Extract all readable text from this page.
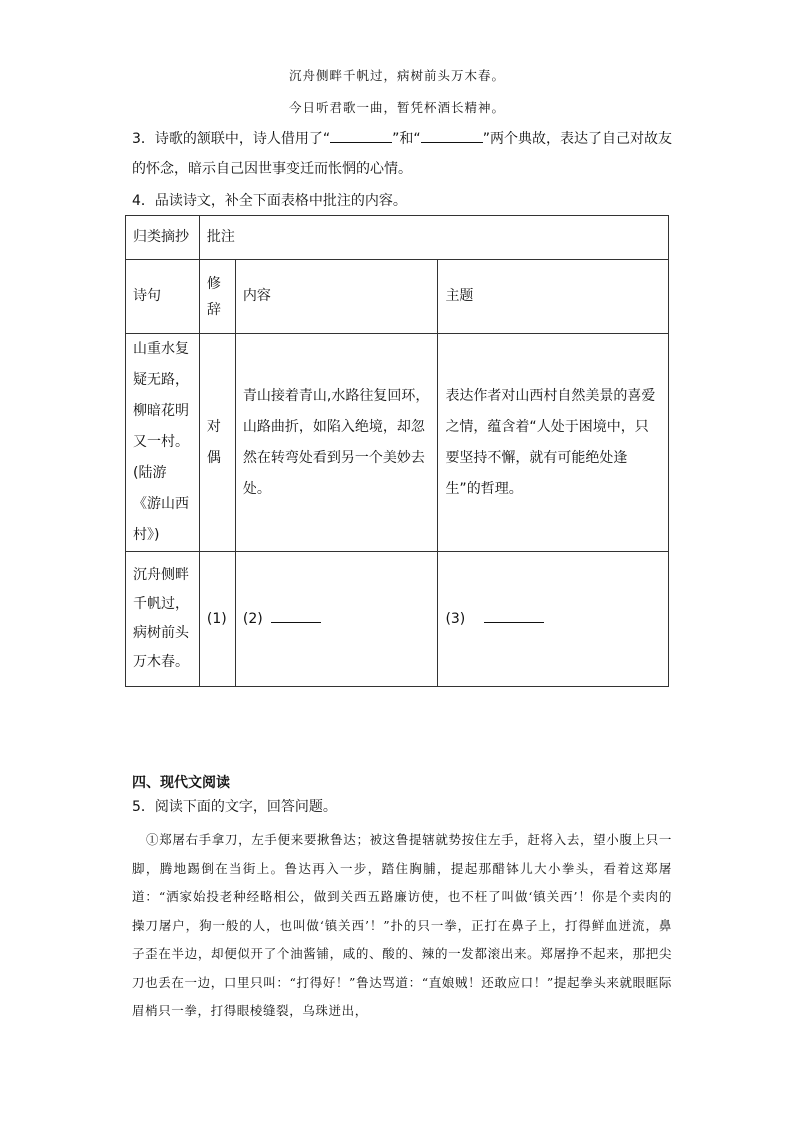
沉舟侧畔千帆过，病树前头万木春。
今日听君歌一曲，暂凭杯酒长精神。
3．诗歌的颔联中，诗人借用了“	”和“	”两个典故，表达了自己对故友
的怀念，暗示自己因世事变迁而怅惘的心情。
4．品读诗文，补全下面表格中批注的内容。
归类摘抄	批注		
诗句	修辞	内容	主题
山重水复疑无路，柳暗花明又一村。(陆游《游山西村》)	对偶	青山接着青山,水路往复回环，山路曲折，如陷入绝境，却忽然在转弯处看到另一个美妙去处。	表达作者对山西村自然美景的喜爱之情，蕴含着“人处于困境中，只要坚持不懈，就有可能绝处逢生”的哲理。
沉舟侧畔千帆过，病树前头万木春。	(1)	(2)	(3)
四、现代文阅读
5．阅读下面的文字，回答问题。
①郑屠右手拿刀，左手便来要揪鲁达；被这鲁提辖就势按住左手，赶将入去，望小腹上只一脚，腾地踢倒在当街上。鲁达再入一步，踏住胸脯，提起那醋钵儿大小拳头，看着这郑屠道：“洒家始投老种经略相公，做到关西五路廉访使，也不枉了叫做‘镇关西’！你是个卖肉的操刀屠户，狗一般的人，也叫做‘镇关西’！”扑的只一拳，正打在鼻子上，打得鲜血迸流，鼻子歪在半边，却便似开了个油酱铺，咸的、酸的、辣的一发都滚出来。郑屠挣不起来，那把尖刀也丢在一边，口里只叫：“打得好！”鲁达骂道：“直娘贼！还敢应口！”提起拳头来就眼眶际眉梢只一拳，打得眼棱缝裂，乌珠迸出，
